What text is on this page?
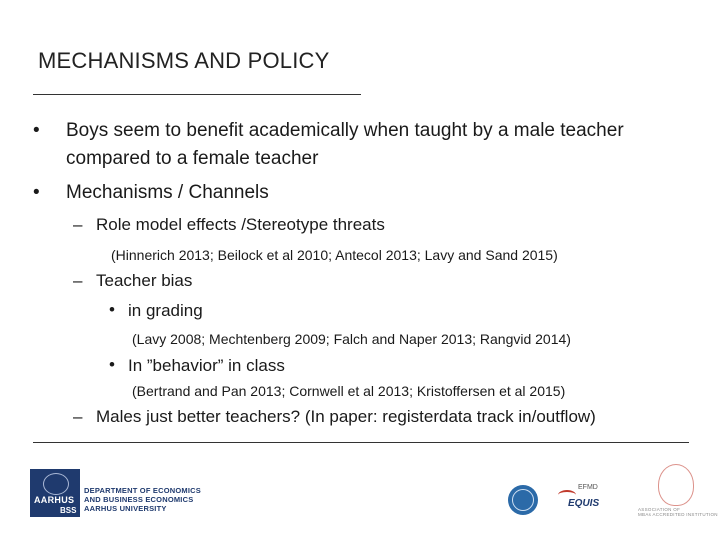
MECHANISMS AND POLICY
• Boys seem to benefit academically when taught by a male teacher
compared to a female teacher
• Mechanisms / Channels
– Role model effects /Stereotype threats
(Hinnerich 2013; Beilock et al 2010; Antecol 2013; Lavy and Sand 2015)
– Teacher bias
• in grading
(Lavy 2008; Mechtenberg 2009; Falch and Naper 2013; Rangvid 2014)
• In ”behavior” in class
(Bertrand and Pan 2013; Cornwell et al 2013; Kristoffersen et al 2015)
– Males just better teachers? (In paper: registerdata track in/outflow)
AARHUS
BSS
DEPARTMENT OF ECONOMICS
AND BUSINESS ECONOMICS
AARHUS UNIVERSITY
EFMD
EQUIS
ASSOCIATION OF
MBAs ACCREDITED INSTITUTION
